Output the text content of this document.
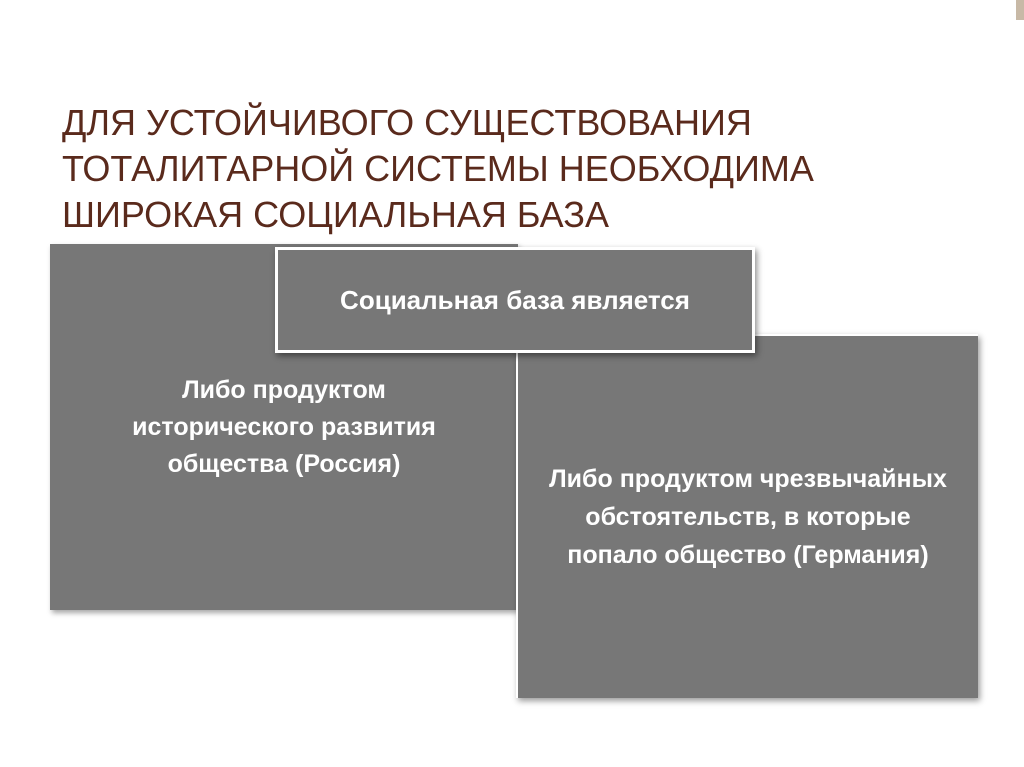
ДЛЯ УСТОЙЧИВОГО СУЩЕСТВОВАНИЯ ТОТАЛИТАРНОЙ СИСТЕМЫ НЕОБХОДИМА ШИРОКАЯ СОЦИАЛЬНАЯ БАЗА
Либо продуктом исторического развития общества (Россия)
Либо продуктом чрезвычайных обстоятельств, в которые попало общество (Германия)
Социальная база является
